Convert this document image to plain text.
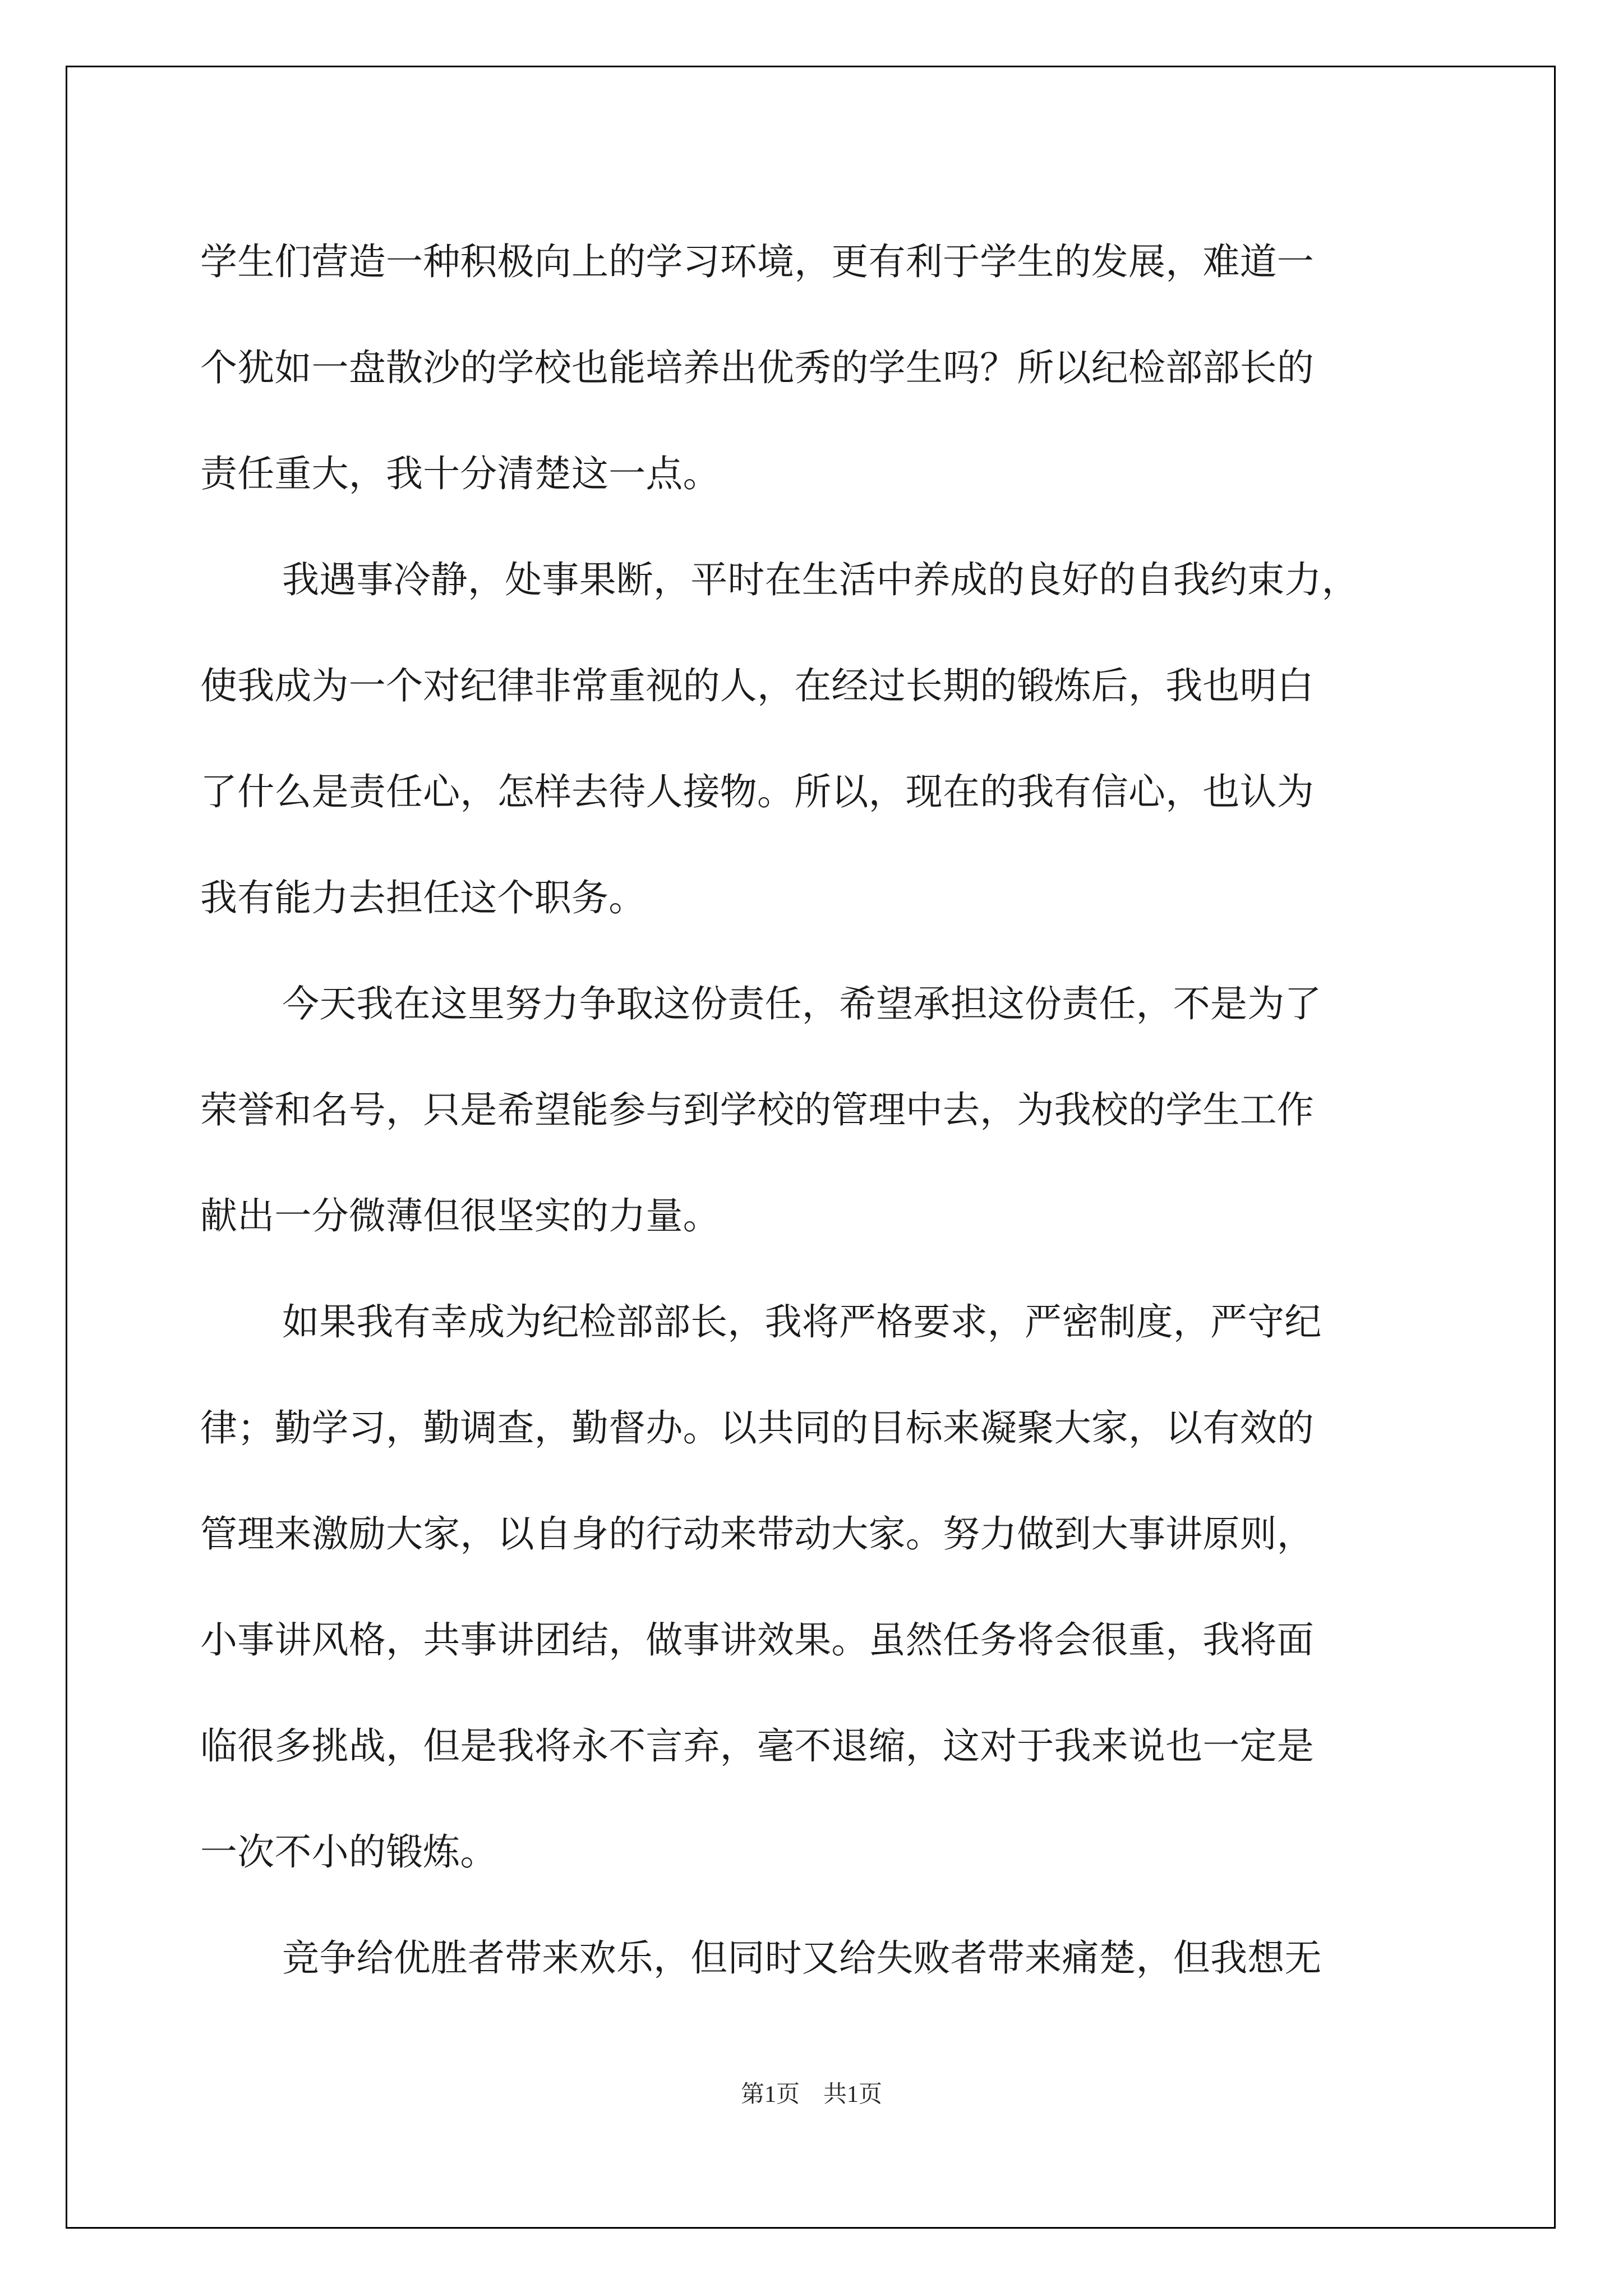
学生们营造一种积极向上的学习环境，更有利于学生的发展，难道一
个犹如一盘散沙的学校也能培养出优秀的学生吗？所以纪检部部长的
责任重大，我十分清楚这一点。
我遇事冷静，处事果断，平时在生活中养成的良好的自我约束力，
使我成为一个对纪律非常重视的人，在经过长期的锻炼后，我也明白
了什么是责任心，怎样去待人接物。所以，现在的我有信心，也认为
我有能力去担任这个职务。
今天我在这里努力争取这份责任，希望承担这份责任，不是为了
荣誉和名号，只是希望能参与到学校的管理中去，为我校的学生工作
献出一分微薄但很坚实的力量。
如果我有幸成为纪检部部长，我将严格要求，严密制度，严守纪
律；勤学习，勤调查，勤督办。以共同的目标来凝聚大家，以有效的
管理来激励大家，以自身的行动来带动大家。努力做到大事讲原则，
小事讲风格，共事讲团结，做事讲效果。虽然任务将会很重，我将面
临很多挑战，但是我将永不言弃，毫不退缩，这对于我来说也一定是
一次不小的锻炼。
竞争给优胜者带来欢乐，但同时又给失败者带来痛楚，但我想无
第1页　共1页
